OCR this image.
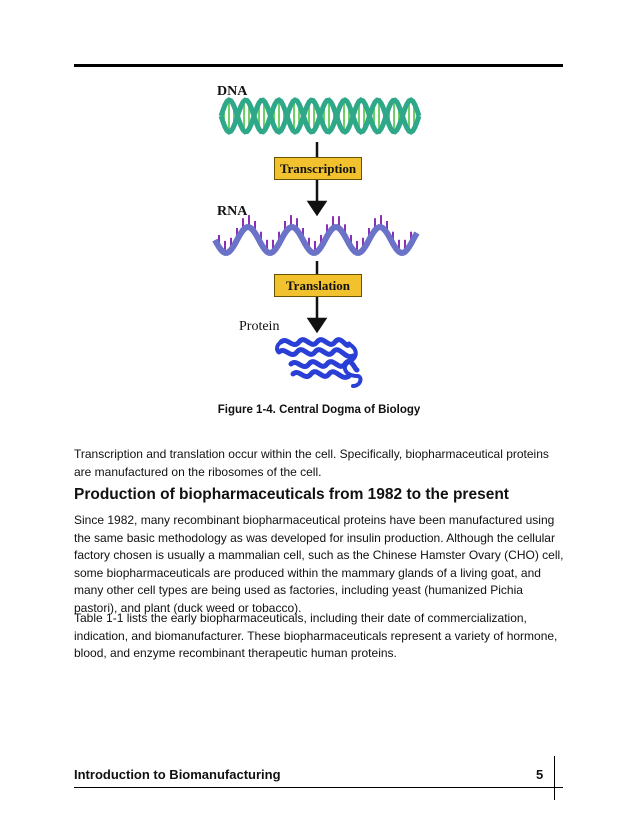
DNA
Transcription
RNA
Translation
Protein
Figure 1-4. Central Dogma of Biology

Transcription and translation occur within the cell. Specifically, biopharmaceutical proteins are manufactured on the ribosomes of the cell.

Production of biopharmaceuticals from 1982 to the present

Since 1982, many recombinant biopharmaceutical proteins have been manufactured using the same basic methodology as was developed for insulin production. Although the cellular factory chosen is usually a mammalian cell, such as the Chinese Hamster Ovary (CHO) cell, some biopharmaceuticals are produced within the mammary glands of a living goat, and many other cell types are being used as factories, including yeast (humanized Pichia pastori), and plant (duck weed or tobacco).

Table 1-1 lists the early biopharmaceuticals, including their date of commercialization, indication, and biomanufacturer. These biopharmaceuticals represent a variety of hormone, blood, and enzyme recombinant therapeutic human proteins.

Introduction to Biomanufacturing	5
